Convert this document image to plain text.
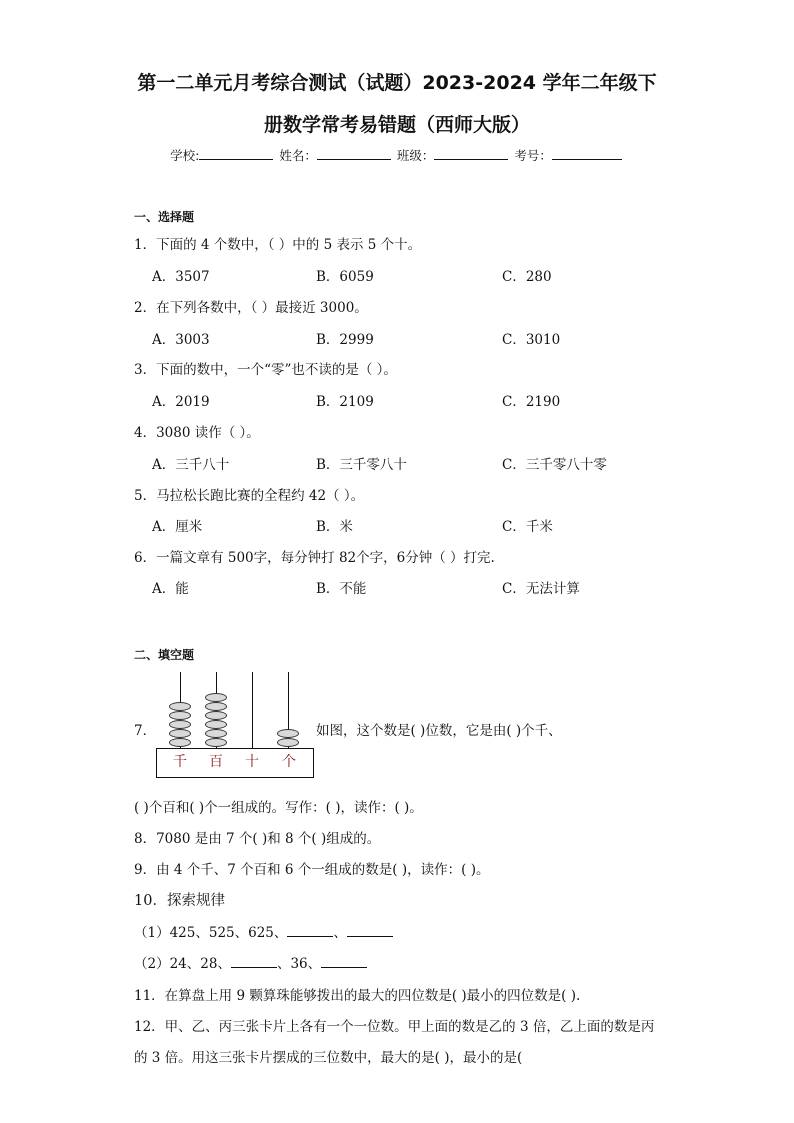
第一二单元月考综合测试（试题）2023-2024 学年二年级下
册数学常考易错题（西师大版）
学校:	姓名：	班级：	考号：
一、选择题
1．下面的 4 个数中，（ ）中的 5 表示 5 个十。
A．3507	B．6059	C．280
2．在下列各数中，（ ）最接近 3000。
A．3003	B．2999	C．3010
3．下面的数中，一个“零”也不读的是（ ）。
A．2019	B．2109	C．2190
4．3080 读作（ ）。
A．三千八十	B．三千零八十	C．三千零八十零
5．马拉松长跑比赛的全程约 42（ ）。
A．厘米	B．米	C．千米
6．一篇文章有 500字，每分钟打 82个字，6分钟（ ）打完.
A．能	B．不能	C．无法计算
二、填空题
7．
千 百 十 个
如图，这个数是( )位数，它是由( )个千、
( )个百和( )个一组成的。写作：( )，读作：( )。
8．7080 是由 7 个( )和 8 个( )组成的。
9．由 4 个千、7 个百和 6 个一组成的数是( )，读作：( )。
10．探索规律
（1）425、525、625、	、
（2）24、28、	、36、
11．在算盘上用 9 颗算珠能够拨出的最大的四位数是( )最小的四位数是( ).
12．甲、乙、丙三张卡片上各有一个一位数。甲上面的数是乙的 3 倍，乙上面的数是丙
的 3 倍。用这三张卡片摆成的三位数中，最大的是( )，最小的是(
